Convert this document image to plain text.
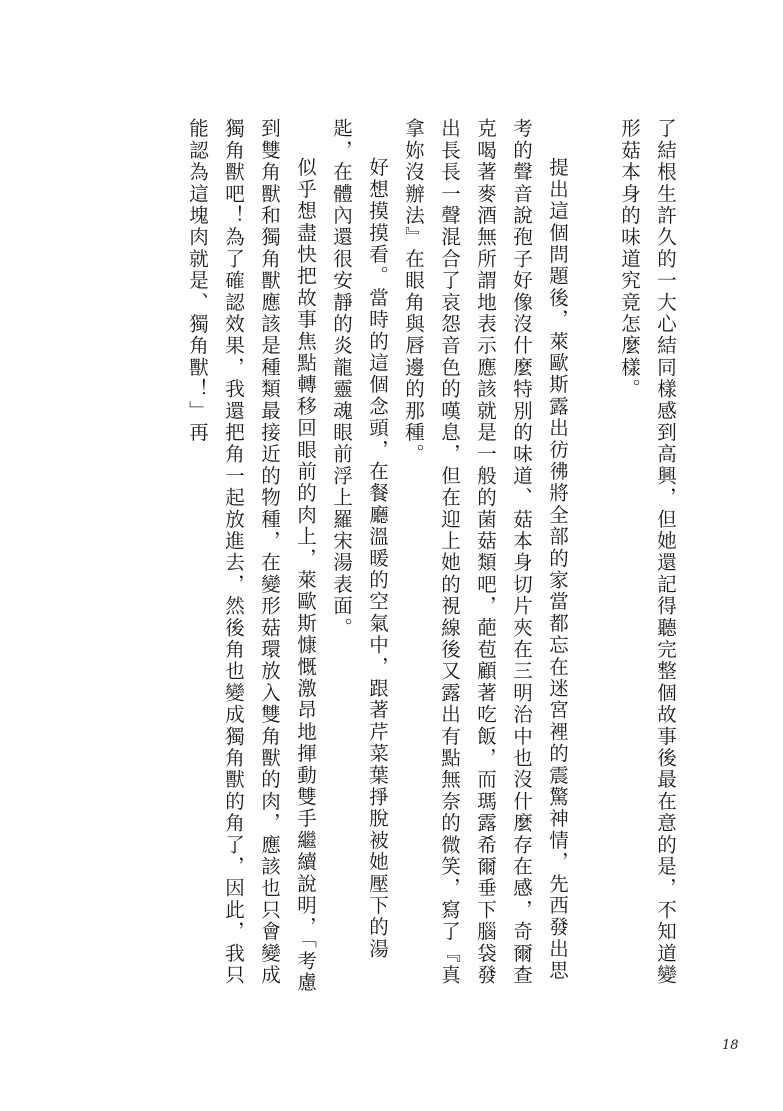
了結根生許久的一大心結同樣感到高興，但她還記得聽完整個故事後最在意的是，不知道變形菇本身的味道究竟怎麼樣。

提出這個問題後，萊歐斯露出彷彿將全部的家當都忘在迷宮裡的震驚神情，先西發出思考的聲音說孢子好像沒什麼特別的味道、菇本身切片夾在三明治中也沒什麼存在感，奇爾查克喝著麥酒無所謂地表示應該就是一般的菌菇類吧，葩苞顧著吃飯，而瑪露希爾垂下腦袋發出長長一聲混合了哀怨音色的嘆息，但在迎上她的視線後又露出有點無奈的微笑，寫了『真拿妳沒辦法』在眼角與唇邊的那種。

好想摸摸看。當時的這個念頭，在餐廳溫暖的空氣中，跟著芹菜葉掙脫被她壓下的湯匙，在體內還很安靜的炎龍靈魂眼前浮上羅宋湯表面。

似乎想盡快把故事焦點轉移回眼前的肉上，萊歐斯慷慨激昂地揮動雙手繼續說明，「考慮到雙角獸和獨角獸應該是種類最接近的物種，在變形菇環放入雙角獸的肉，應該也只會變成獨角獸吧！為了確認效果，我還把角一起放進去，然後角也變成獨角獸的角了，因此，我只能認為這塊肉就是、獨角獸！」再

18
